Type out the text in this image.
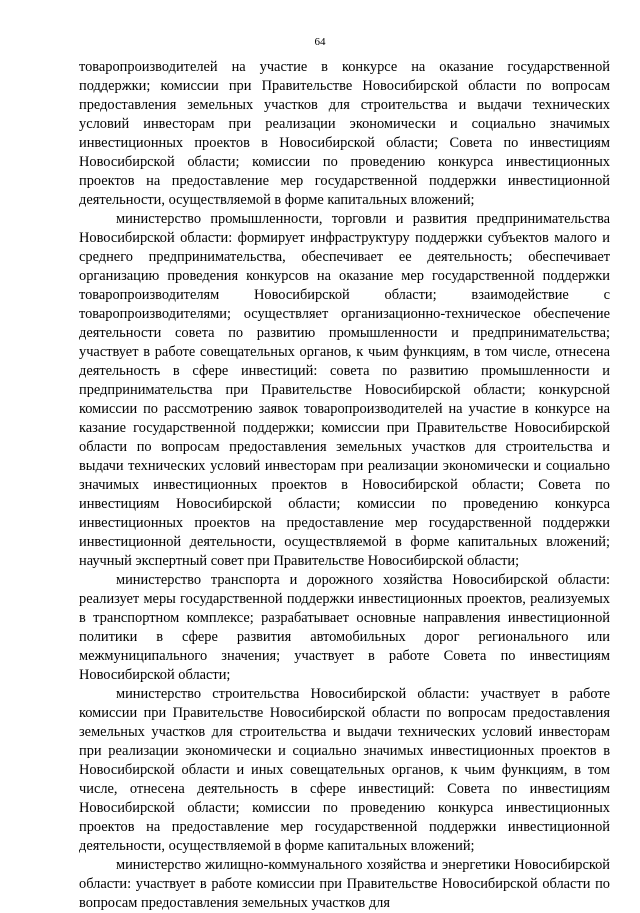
64

товаропроизводителей на участие в конкурсе на оказание государственной поддержки; комиссии при Правительстве Новосибирской области по вопросам предоставления земельных участков для строительства и выдачи технических условий инвесторам при реализации экономически и социально значимых инвестиционных проектов в Новосибирской области; Совета по инвестициям Новосибирской области; комиссии по проведению конкурса инвестиционных проектов на предоставление мер государственной поддержки инвестиционной деятельности, осуществляемой в форме капитальных вложений;

министерство промышленности, торговли и развития предпринимательства Новосибирской области: формирует инфраструктуру поддержки субъектов малого и среднего предпринимательства, обеспечивает ее деятельность; обеспечивает организацию проведения конкурсов на оказание мер государственной поддержки товаропроизводителям Новосибирской области; взаимодействие с товаропроизводителями; осуществляет организационно-техническое обеспечение деятельности совета по развитию промышленности и предпринимательства; участвует в работе совещательных органов, к чьим функциям, в том числе, отнесена деятельность в сфере инвестиций: совета по развитию промышленности и предпринимательства при Правительстве Новосибирской области; конкурсной комиссии по рассмотрению заявок товаропроизводителей на участие в конкурсе на казание государственной поддержки; комиссии при Правительстве Новосибирской области по вопросам предоставления земельных участков для строительства и выдачи технических условий инвесторам при реализации экономически и социально значимых инвестиционных проектов в Новосибирской области; Совета по инвестициям Новосибирской области; комиссии по проведению конкурса инвестиционных проектов на предоставление мер государственной поддержки инвестиционной деятельности, осуществляемой в форме капитальных вложений; научный экспертный совет при Правительстве Новосибирской области;

министерство транспорта и дорожного хозяйства Новосибирской области: реализует меры государственной поддержки инвестиционных проектов, реализуемых в транспортном комплексе; разрабатывает основные направления инвестиционной политики в сфере развития автомобильных дорог регионального или межмуниципального значения; участвует в работе Совета по инвестициям Новосибирской области;

министерство строительства Новосибирской области: участвует в работе комиссии при Правительстве Новосибирской области по вопросам предоставления земельных участков для строительства и выдачи технических условий инвесторам при реализации экономически и социально значимых инвестиционных проектов в Новосибирской области и иных совещательных органов, к чьим функциям, в том числе, отнесена деятельность в сфере инвестиций: Совета по инвестициям Новосибирской области; комиссии по проведению конкурса инвестиционных проектов на предоставление мер государственной поддержки инвестиционной деятельности, осуществляемой в форме капитальных вложений;

министерство жилищно-коммунального хозяйства и энергетики Новосибирской области: участвует в работе комиссии при Правительстве Новосибирской области по вопросам предоставления земельных участков для
